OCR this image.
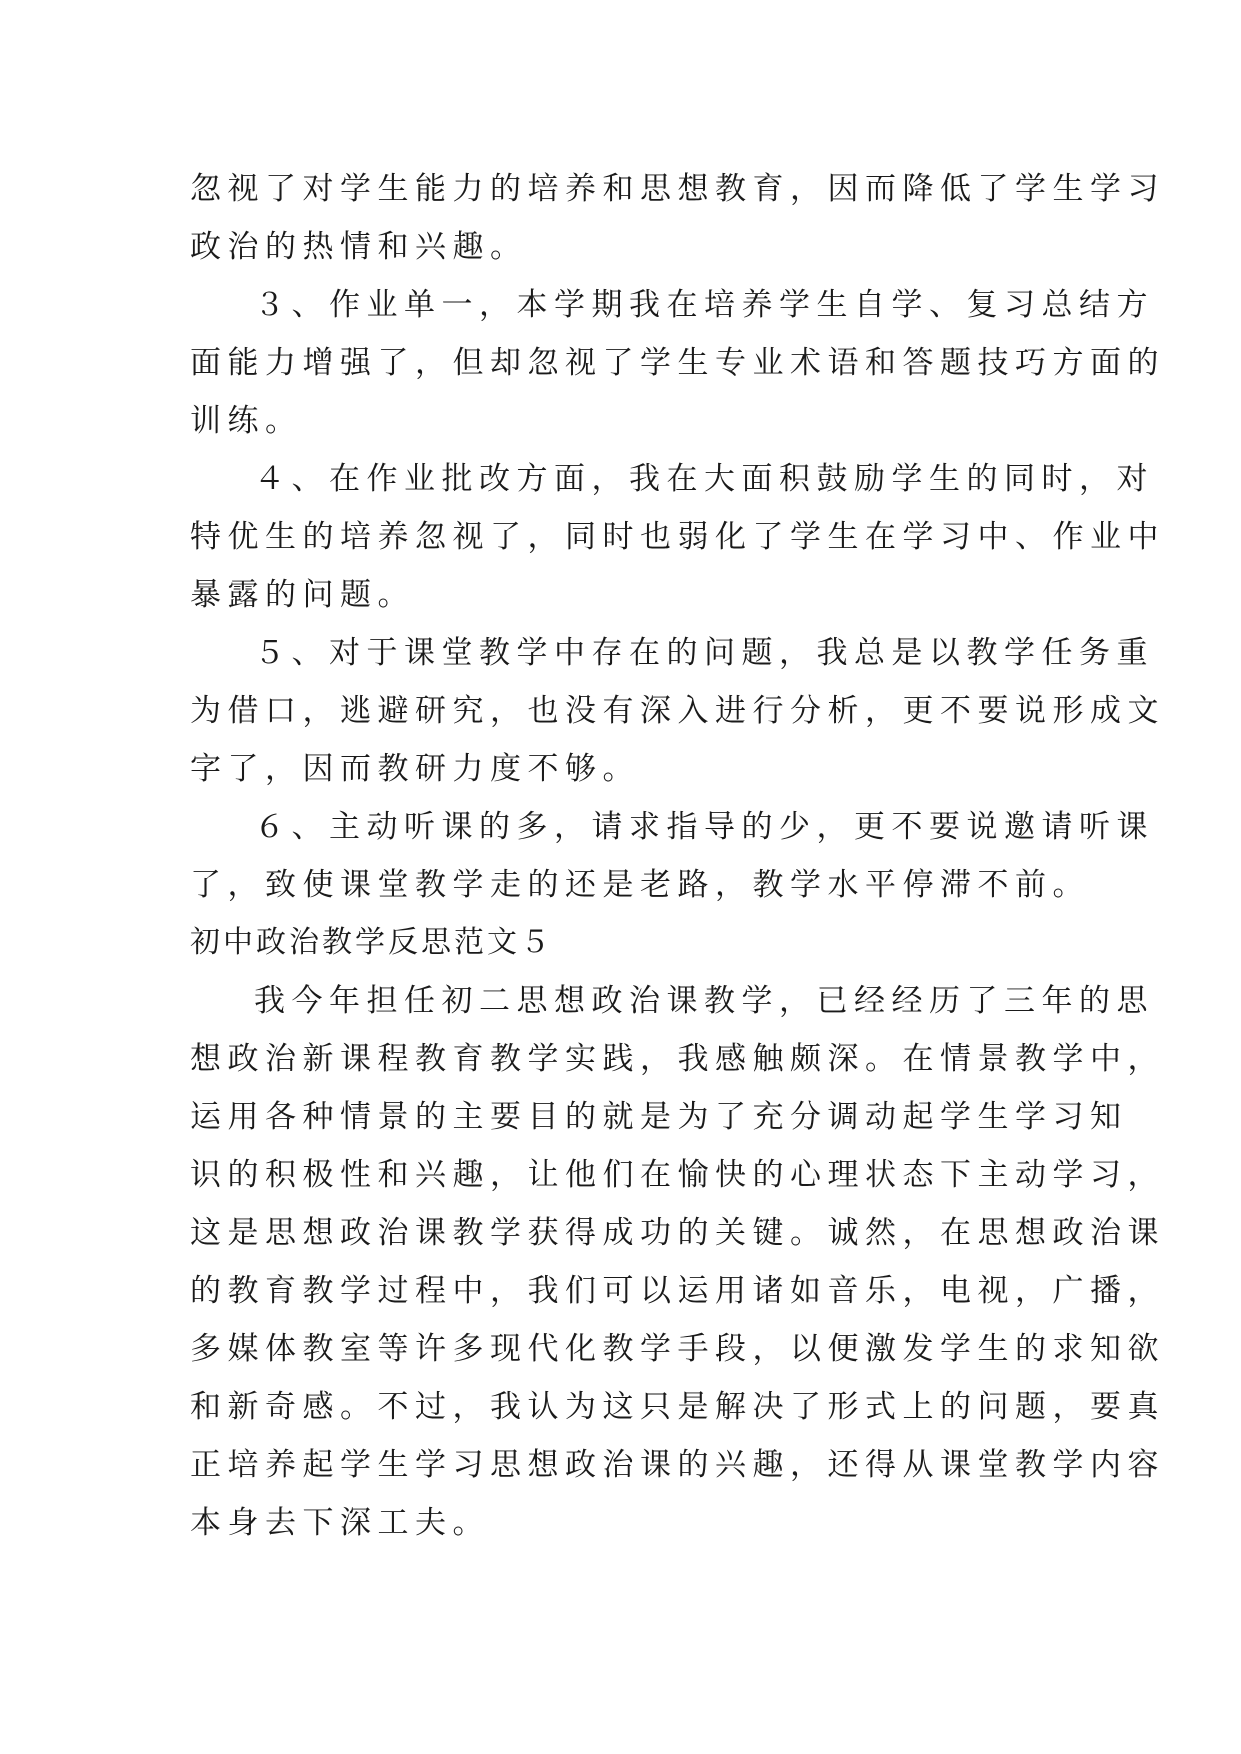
忽视了对学生能力的培养和思想教育，因而降低了学生学习
政治的热情和兴趣。
３、作业单一，本学期我在培养学生自学、复习总结方
面能力增强了，但却忽视了学生专业术语和答题技巧方面的
训练。
４、在作业批改方面，我在大面积鼓励学生的同时，对
特优生的培养忽视了，同时也弱化了学生在学习中、作业中
暴露的问题。
５、对于课堂教学中存在的问题，我总是以教学任务重
为借口，逃避研究，也没有深入进行分析，更不要说形成文
字了，因而教研力度不够。
６、主动听课的多，请求指导的少，更不要说邀请听课
了，致使课堂教学走的还是老路，教学水平停滞不前。
初中政治教学反思范文５
我今年担任初二思想政治课教学，已经经历了三年的思
想政治新课程教育教学实践，我感触颇深。在情景教学中，
运用各种情景的主要目的就是为了充分调动起学生学习知
识的积极性和兴趣，让他们在愉快的心理状态下主动学习，
这是思想政治课教学获得成功的关键。诚然，在思想政治课
的教育教学过程中，我们可以运用诸如音乐，电视，广播，
多媒体教室等许多现代化教学手段，以便激发学生的求知欲
和新奇感。不过，我认为这只是解决了形式上的问题，要真
正培养起学生学习思想政治课的兴趣，还得从课堂教学内容
本身去下深工夫。
